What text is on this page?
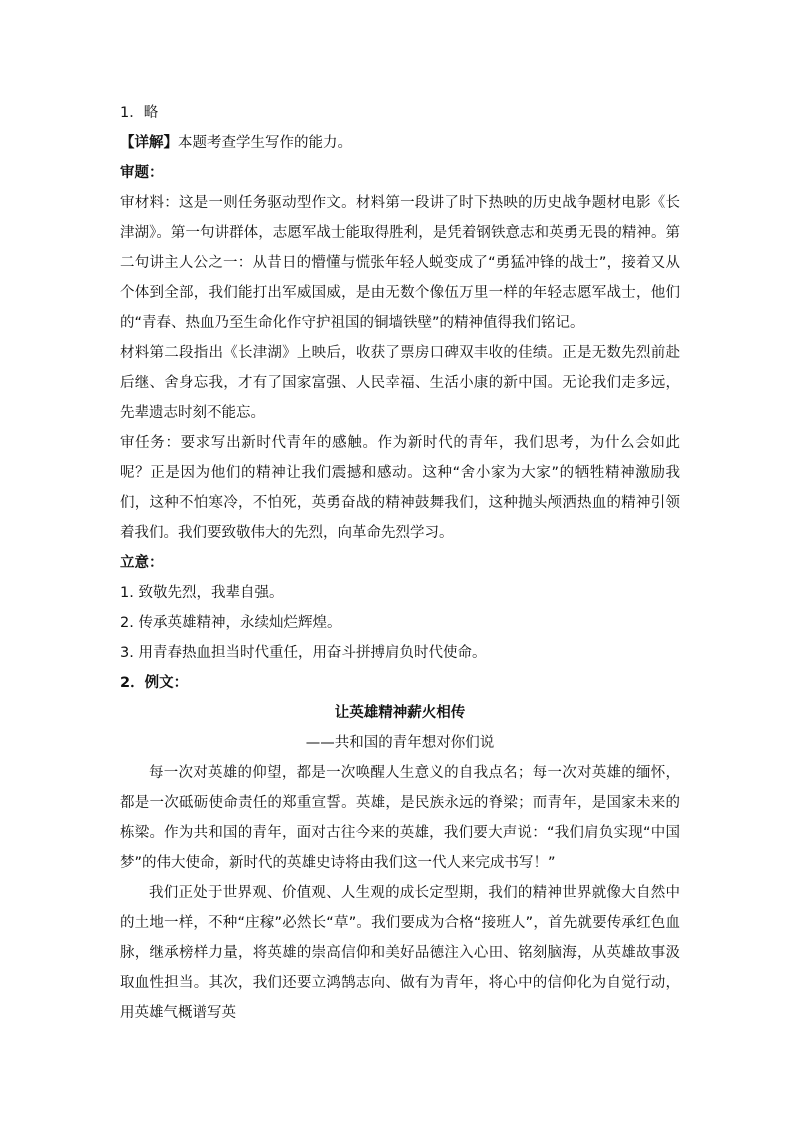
1．略
【详解】本题考查学生写作的能力。
审题：
审材料：这是一则任务驱动型作文。材料第一段讲了时下热映的历史战争题材电影《长津湖》。第一句讲群体，志愿军战士能取得胜利，是凭着钢铁意志和英勇无畏的精神。第二句讲主人公之一：从昔日的懵懂与慌张年轻人蜕变成了“勇猛冲锋的战士”，接着又从个体到全部，我们能打出军威国威，是由无数个像伍万里一样的年轻志愿军战士，他们的“青春、热血乃至生命化作守护祖国的铜墙铁壁”的精神值得我们铭记。
材料第二段指出《长津湖》上映后，收获了票房口碑双丰收的佳绩。正是无数先烈前赴后继、舍身忘我，才有了国家富强、人民幸福、生活小康的新中国。无论我们走多远，先辈遗志时刻不能忘。
审任务：要求写出新时代青年的感触。作为新时代的青年，我们思考，为什么会如此呢？正是因为他们的精神让我们震撼和感动。这种“舍小家为大家”的牺牲精神激励我们，这种不怕寒冷，不怕死，英勇奋战的精神鼓舞我们，这种抛头颅洒热血的精神引领着我们。我们要致敬伟大的先烈，向革命先烈学习。
立意：
1. 致敬先烈，我辈自强。
2. 传承英雄精神，永续灿烂辉煌。
3. 用青春热血担当时代重任，用奋斗拼搏肩负时代使命。
2．例文：
让英雄精神薪火相传
——共和国的青年想对你们说
每一次对英雄的仰望，都是一次唤醒人生意义的自我点名；每一次对英雄的缅怀，都是一次砥砺使命责任的郑重宣誓。英雄，是民族永远的脊梁；而青年，是国家未来的栋梁。作为共和国的青年，面对古往今来的英雄，我们要大声说：“我们肩负实现“中国梦”的伟大使命，新时代的英雄史诗将由我们这一代人来完成书写！”
我们正处于世界观、价值观、人生观的成长定型期，我们的精神世界就像大自然中的土地一样，不种“庄稼”必然长“草”。我们要成为合格“接班人”，首先就要传承红色血脉，继承榜样力量，将英雄的崇高信仰和美好品德注入心田、铭刻脑海，从英雄故事汲取血性担当。其次，我们还要立鸿鹄志向、做有为青年，将心中的信仰化为自觉行动，用英雄气概谱写英
